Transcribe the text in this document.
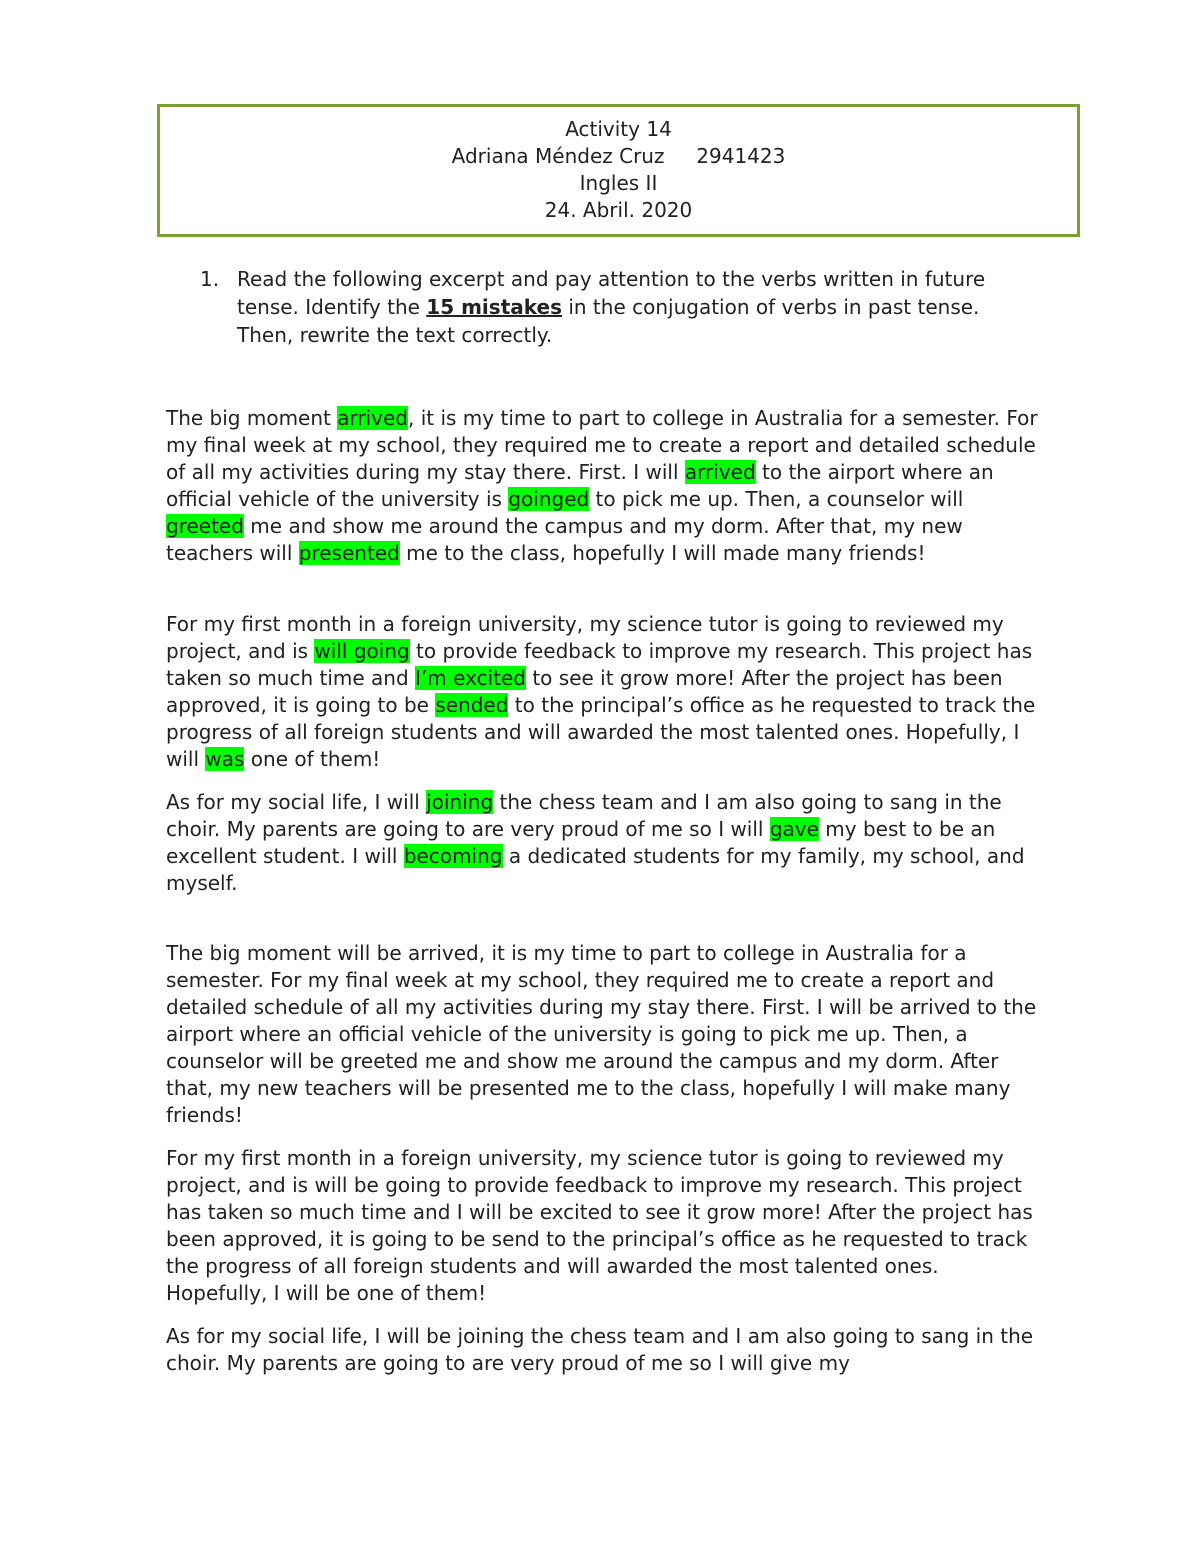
Activity 14
Adriana Méndez Cruz 2941423
Ingles II
24. Abril. 2020
1. Read the following excerpt and pay attention to the verbs written in future tense. Identify the 15 mistakes in the conjugation of verbs in past tense. Then, rewrite the text correctly.

The big moment arrived, it is my time to part to college in Australia for a semester. For my final week at my school, they required me to create a report and detailed schedule of all my activities during my stay there. First. I will arrived to the airport where an official vehicle of the university is goinged to pick me up. Then, a counselor will greeted me and show me around the campus and my dorm. After that, my new teachers will presented me to the class, hopefully I will made many friends!

For my first month in a foreign university, my science tutor is going to reviewed my project, and is will going to provide feedback to improve my research. This project has taken so much time and I’m excited to see it grow more! After the project has been approved, it is going to be sended to the principal’s office as he requested to track the progress of all foreign students and will awarded the most talented ones. Hopefully, I will was one of them!

As for my social life, I will joining the chess team and I am also going to sang in the choir. My parents are going to are very proud of me so I will gave my best to be an excellent student. I will becoming a dedicated students for my family, my school, and myself.

The big moment will be arrived, it is my time to part to college in Australia for a semester. For my final week at my school, they required me to create a report and detailed schedule of all my activities during my stay there. First. I will be arrived to the airport where an official vehicle of the university is going to pick me up. Then, a counselor will be greeted me and show me around the campus and my dorm. After that, my new teachers will be presented me to the class, hopefully I will make many friends!

For my first month in a foreign university, my science tutor is going to reviewed my project, and is will be going to provide feedback to improve my research. This project has taken so much time and I will be excited to see it grow more! After the project has been approved, it is going to be send to the principal’s office as he requested to track the progress of all foreign students and will awarded the most talented ones. Hopefully, I will be one of them!

As for my social life, I will be joining the chess team and I am also going to sang in the choir. My parents are going to are very proud of me so I will give my
